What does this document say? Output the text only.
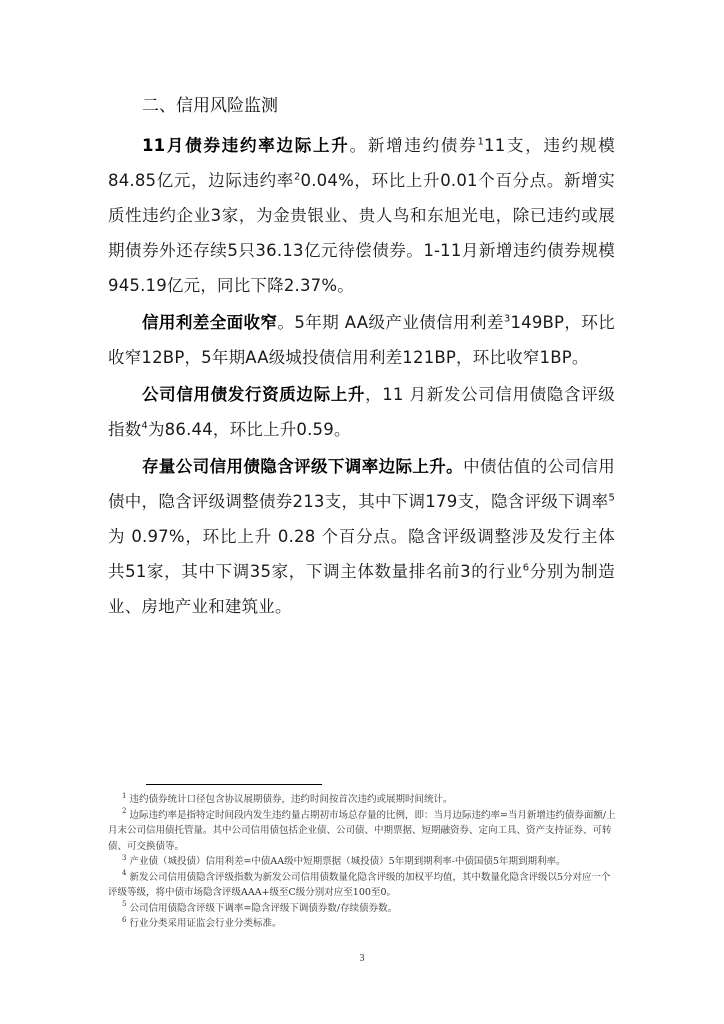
二、信用风险监测

11月债券违约率边际上升。新增违约债券$^1$11支，违约规模84.85亿元，边际违约率$^2$0.04%，环比上升0.01个百分点。新增实质性违约企业3家，为金贵银业、贵人鸟和东旭光电，除已违约或展期债券外还存续5只36.13亿元待偿债券。1-11月新增违约债券规模945.19亿元，同比下降2.37%。

信用利差全面收窄。5年期 AA级产业债信用利差$^3$149BP，环比收窄12BP，5年期AA级城投债信用利差121BP，环比收窄1BP。

公司信用债发行资质边际上升，11 月新发公司信用债隐含评级指数$^4$为86.44，环比上升0.59。

存量公司信用债隐含评级下调率边际上升。中债估值的公司信用债中，隐含评级调整债券213支，其中下调179支，隐含评级下调率$^5$为 0.97%，环比上升 0.28 个百分点。隐含评级调整涉及发行主体共51家，其中下调35家，下调主体数量排名前3的行业$^6$分别为制造业、房地产业和建筑业。

$^1$ 违约债券统计口径包含协议展期债券，违约时间按首次违约或展期时间统计。

$^2$ 边际违约率是指特定时间段内发生违约量占期初市场总存量的比例，即：当月边际违约率=当月新增违约债券面额/上月末公司信用债托管量。其中公司信用债包括企业债、公司债、中期票据、短期融资券、定向工具、资产支持证券、可转债、可交换债等。

$^3$ 产业债（城投债）信用利差=中债AA级中短期票据（城投债）5年期到期利率-中债国债5年期到期利率。

$^4$ 新发公司信用债隐含评级指数为新发公司信用债数量化隐含评级的加权平均值，其中数量化隐含评级以5分对应一个评级等级，将中债市场隐含评级AAA+级至C级分别对应至100至0。

$^5$ 公司信用债隐含评级下调率=隐含评级下调债券数/存续债券数。

$^6$ 行业分类采用证监会行业分类标准。

3
